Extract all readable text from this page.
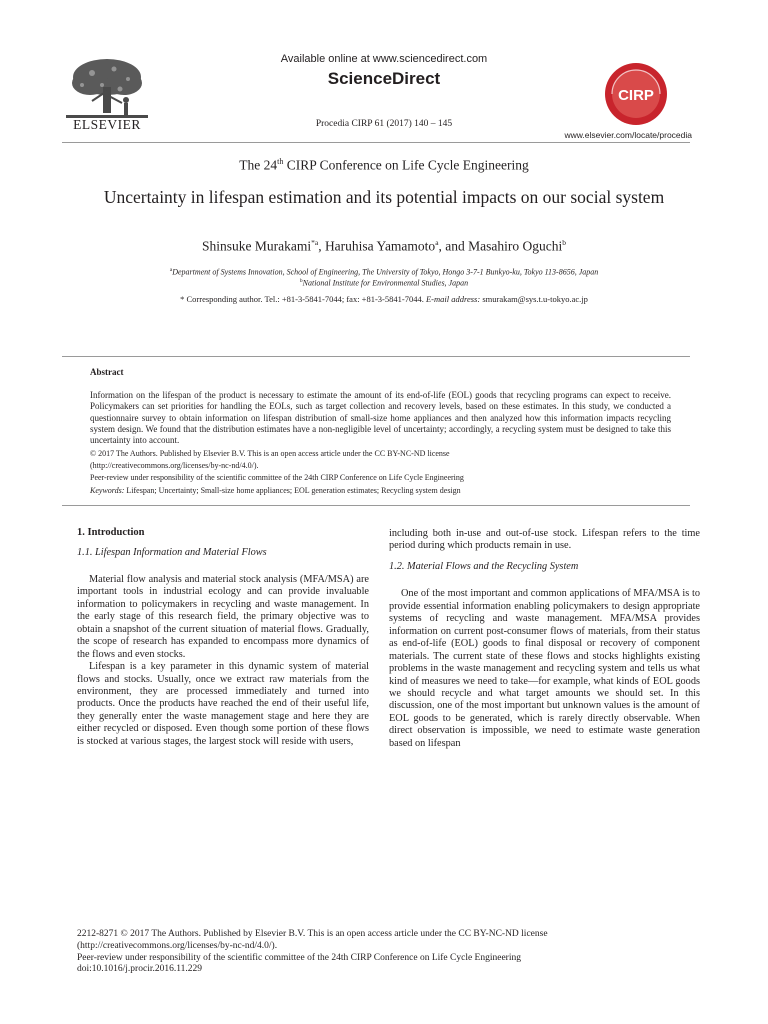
ELSEVIER
Available online at www.sciencedirect.com
ScienceDirect
Procedia CIRP 61 (2017) 140 – 145
CIRP
www.elsevier.com/locate/procedia
The 24th CIRP Conference on Life Cycle Engineering
Uncertainty in lifespan estimation and its potential impacts on our social system
Shinsuke Murakami$^{*a}$, Haruhisa Yamamoto$^a$, and Masahiro Oguchi$^b$
$^a$Department of Systems Innovation, School of Engineering, The University of Tokyo, Hongo 3-7-1 Bunkyo-ku, Tokyo 113-8656, Japan
$^b$National Institute for Environmental Studies, Japan
* Corresponding author. Tel.: +81-3-5841-7044; fax: +81-3-5841-7044. E-mail address: smurakam@sys.t.u-tokyo.ac.jp
Abstract
Information on the lifespan of the product is necessary to estimate the amount of its end-of-life (EOL) goods that recycling programs can expect to receive. Policymakers can set priorities for handling the EOLs, such as target collection and recovery levels, based on these estimates. In this study, we conducted a questionnaire survey to obtain information on lifespan distribution of small-size home appliances and then analyzed how this information impacts recycling system design. We found that the distribution estimates have a non-negligible level of uncertainty; accordingly, a recycling system must be designed to take this uncertainty into account.
© 2017 The Authors. Published by Elsevier B.V. This is an open access article under the CC BY-NC-ND license
(http://creativecommons.org/licenses/by-nc-nd/4.0/).
Peer-review under responsibility of the scientific committee of the 24th CIRP Conference on Life Cycle Engineering
Keywords: Lifespan; Uncertainty; Small-size home appliances; EOL generation estimates; Recycling system design
1. Introduction
1.1. Lifespan Information and Material Flows

Material flow analysis and material stock analysis (MFA/MSA) are important tools in industrial ecology and can provide invaluable information to policymakers in recycling and waste management. In the early stage of this research field, the primary objective was to obtain a snapshot of the current situation of material flows. Gradually, the scope of research has expanded to encompass more dynamics of the flows and even stocks.

Lifespan is a key parameter in this dynamic system of material flows and stocks. Usually, once we extract raw materials from the environment, they are processed immediately and turned into products. Once the products have reached the end of their useful life, they generally enter the waste management stage and here they are either recycled or disposed. Even though some portion of these flows is stocked at various stages, the largest stock will reside with users,

including both in-use and out-of-use stock. Lifespan refers to the time period during which products remain in use.
1.2. Material Flows and the Recycling System

One of the most important and common applications of MFA/MSA is to provide essential information enabling policymakers to design appropriate systems of recycling and waste management. MFA/MSA provides information on current post-consumer flows of materials, from their status as end-of-life (EOL) goods to final disposal or recovery of component materials. The current state of these flows and stocks highlights existing problems in the waste management and recycling system and tells us what kind of measures we need to take—for example, what kinds of EOL goods we should recycle and what target amounts we should set. In this discussion, one of the most important but unknown values is the amount of EOL goods to be generated, which is rarely directly observable. When direct observation is impossible, we need to estimate waste generation based on lifespan

2212-8271 © 2017 The Authors. Published by Elsevier B.V. This is an open access article under the CC BY-NC-ND license
(http://creativecommons.org/licenses/by-nc-nd/4.0/).
Peer-review under responsibility of the scientific committee of the 24th CIRP Conference on Life Cycle Engineering
doi:10.1016/j.procir.2016.11.229
